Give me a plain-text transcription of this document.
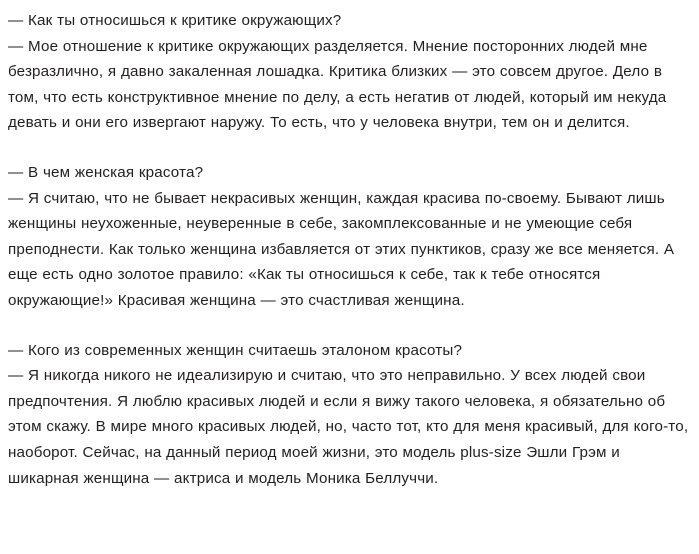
— Как ты относишься к критике окружающих?

— Мое отношение к критике окружающих разделяется. Мнение посторонних людей мне безразлично, я давно закаленная лошадка. Критика близких — это совсем другое. Дело в том, что есть конструктивное мнение по делу, а есть негатив от людей, который им некуда девать и они его извергают наружу. То есть, что у человека внутри, тем он и делится.

— В чем женская красота?

— Я считаю, что не бывает некрасивых женщин, каждая красива по-своему. Бывают лишь женщины неухоженные, неуверенные в себе, закомплексованные и не умеющие себя преподнести. Как только женщина избавляется от этих пунктиков, сразу же все меняется. А еще есть одно золотое правило: «Как ты относишься к себе, так к тебе относятся окружающие!» Красивая женщина — это счастливая женщина.

— Кого из современных женщин считаешь эталоном красоты?

— Я никогда никого не идеализирую и считаю, что это неправильно. У всех людей свои предпочтения. Я люблю красивых людей и если я вижу такого человека, я обязательно об этом скажу. В мире много красивых людей, но, часто тот, кто для меня красивый, для кого-то, наоборот. Сейчас, на данный период моей жизни, это модель plus-size Эшли Грэм и шикарная женщина — актриса и модель Моника Беллуччи.
